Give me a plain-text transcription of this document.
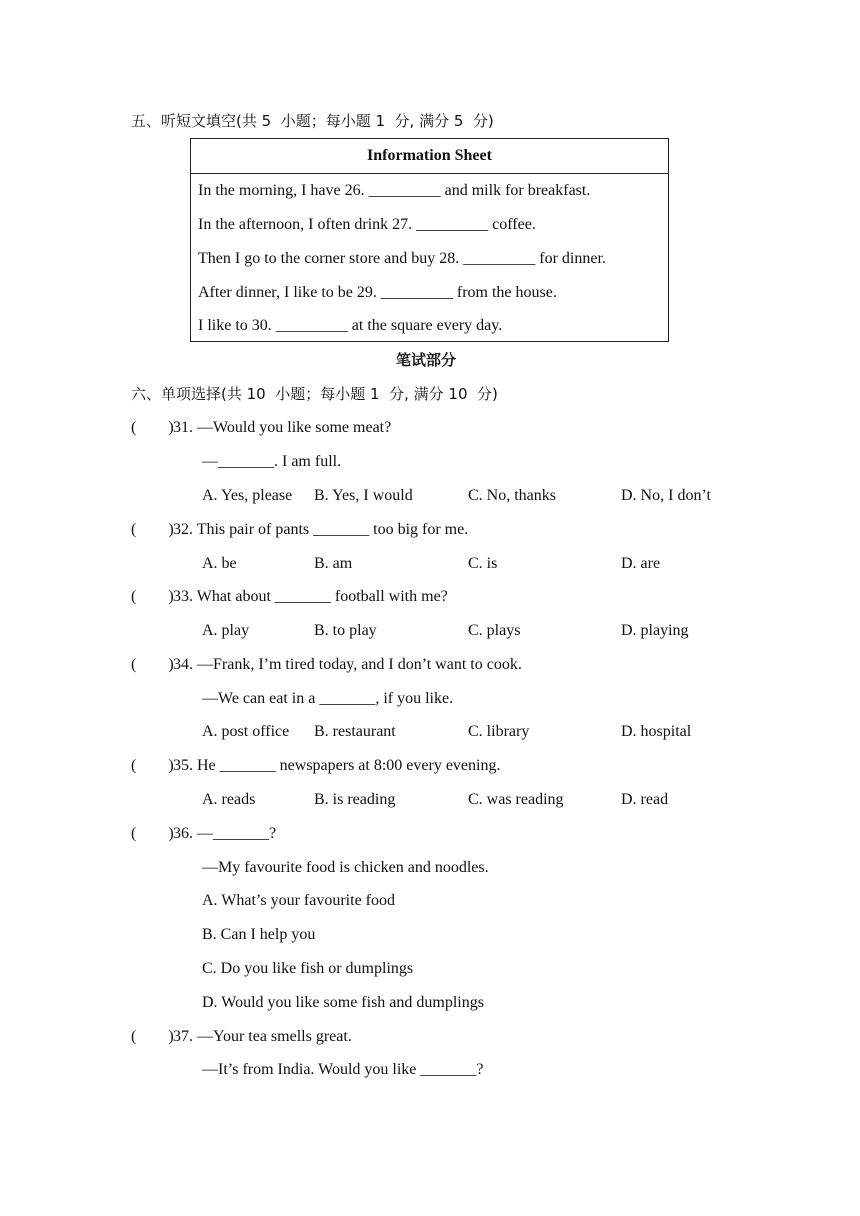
五、听短文填空(共 5  小题；每小题 1  分, 满分 5  分)
Information Sheet
In the morning, I have 26. _________ and milk for breakfast.
In the afternoon, I often drink 27. _________ coffee.
Then I go to the corner store and buy 28. _________ for dinner.
After dinner, I like to be 29. _________ from the house.
I like to 30. _________ at the square every day.
笔试部分
六、单项选择(共 10  小题；每小题 1  分, 满分 10  分)
(        ) 31. —Would you like some meat?
—_______. I am full.
A. Yes, please B. Yes, I would	C. No, thanks	D. No, I don’t
(        ) 32. This pair of pants _______ too big for me.
A. be	B. am	C. is	D. are
(        ) 33. What about _______ football with me?
A. play	B. to play	C. plays	D. playing
(        ) 34. —Frank, I’m tired today, and I don’t want to cook.
—We can eat in a _______, if you like.
A. post office B. restaurant	C. library	D. hospital
(        ) 35. He _______ newspapers at 8:00 every evening.
A. reads	B. is reading	C. was reading	D. read
(        ) 36. —_______?
—My favourite food is chicken and noodles.
A. What’s your favourite food
B. Can I help you
C. Do you like fish or dumplings
D. Would you like some fish and dumplings
(        ) 37. —Your tea smells great.
—It’s from India. Would you like _______?
